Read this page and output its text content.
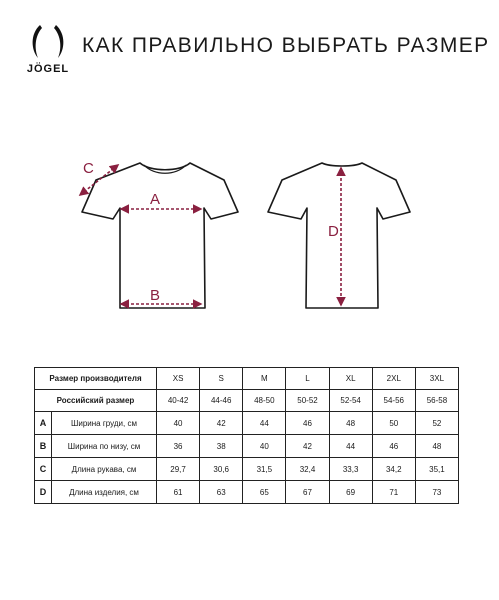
JÖGEL
КАК ПРАВИЛЬНО ВЫБРАТЬ РАЗМЕР
C
A
B
D
Размер производителя		XS	S	M	L	XL	2XL	3XL
Российский размер		40-42	44-46	48-50	50-52	52-54	54-56	56-58
A	Ширина груди, см	40	42	44	46	48	50	52
B	Ширина по низу, см	36	38	40	42	44	46	48
C	Длина рукава, см	29,7	30,6	31,5	32,4	33,3	34,2	35,1
D	Длина изделия, см	61	63	65	67	69	71	73
